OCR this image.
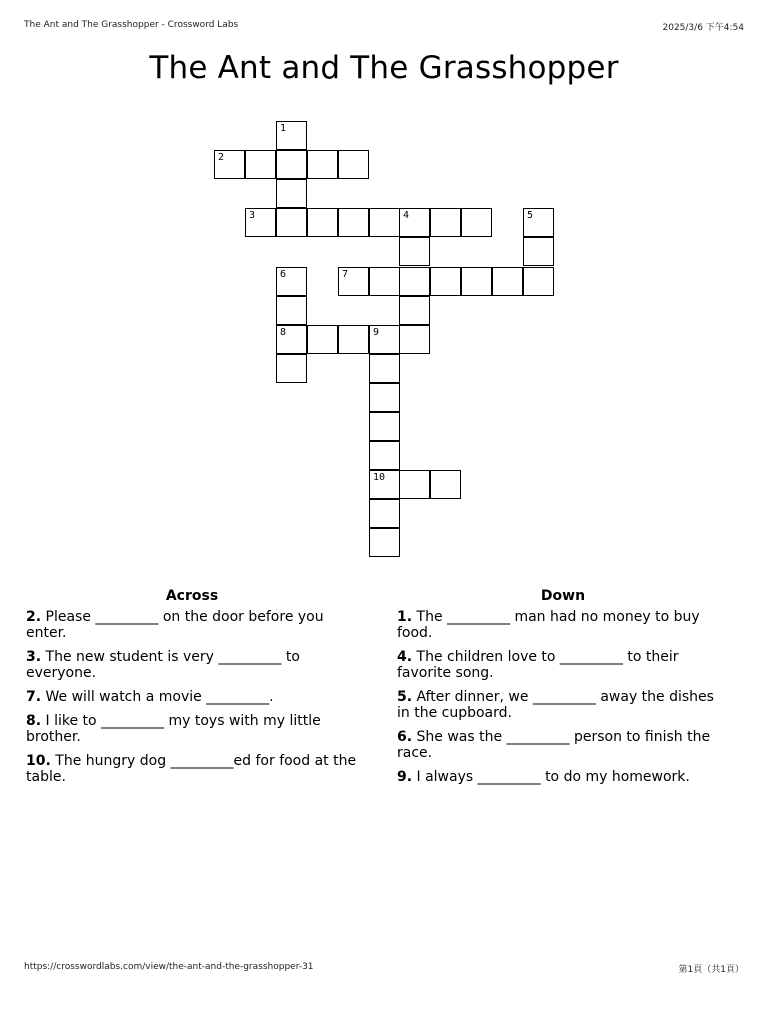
The Ant and The Grasshopper - Crossword Labs	2025/3/6 下午4:54
The Ant and The Grasshopper
1
2
3	4	5
6	7
8	9
10
Across
2. Please _________ on the door before you enter.
3. The new student is very _________ to everyone.
7. We will watch a movie _________.
8. I like to _________ my toys with my little brother.
10. The hungry dog _________ed for food at the table.
Down
1. The _________ man had no money to buy food.
4. The children love to _________ to their favorite song.
5. After dinner, we _________ away the dishes in the cupboard.
6. She was the _________ person to finish the race.
9. I always _________ to do my homework.
https://crosswordlabs.com/view/the-ant-and-the-grasshopper-31	第1頁（共1頁）
